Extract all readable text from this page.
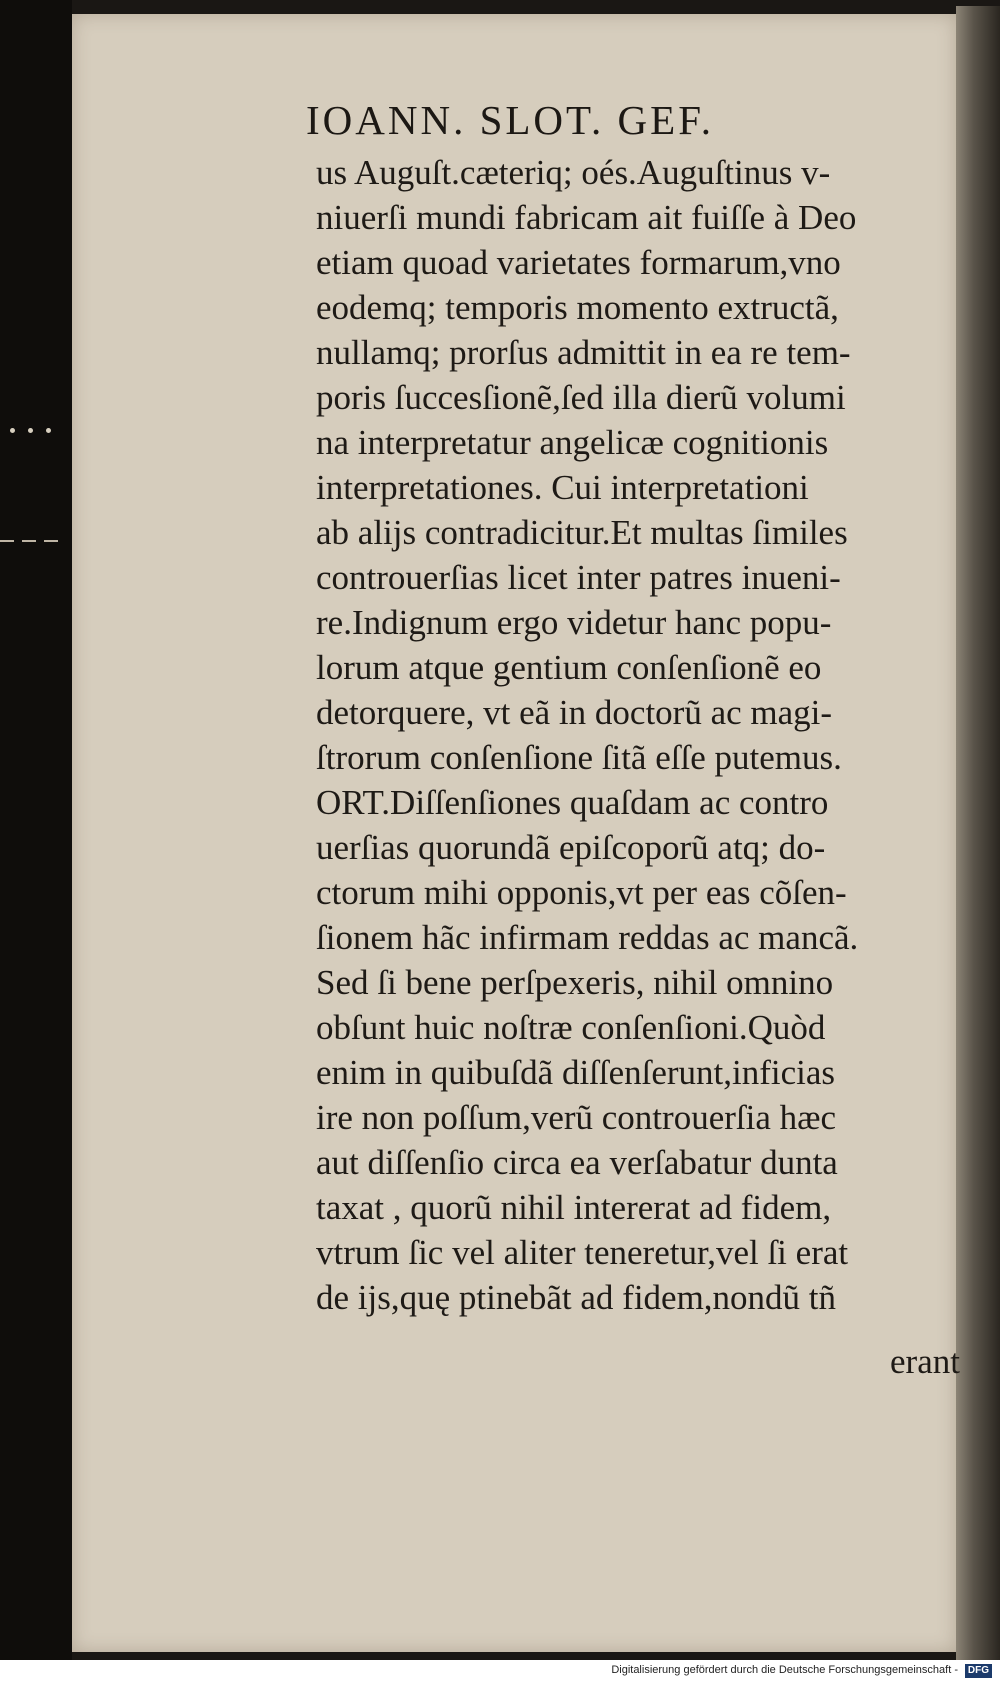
IOANN. SLOT. GEF.
us Auguſt.cæteriq; oés.Auguſtinus v-
niuerſi mundi fabricam ait fuiſſe à Deo
etiam quoad varietates formarum,vno
eodemq; temporis momento extructã,
nullamq; prorſus admittit in ea re tem-
poris ſuccesſionẽ,ſed illa dierũ volumi
na interpretatur angelicæ cognitionis
interpretationes. Cui interpretationi
ab alijs contradicitur.Et multas ſimiles
controuerſias licet inter patres inueni-
re.Indignum ergo videtur hanc popu-
lorum atque gentium conſenſionẽ eo
detorquere, vt eã in doctorũ ac magi-
ſtrorum conſenſione ſitã eſſe putemus.
ORT.Diſſenſiones quaſdam ac contro
uerſias quorundã epiſcoporũ atq; do-
ctorum mihi opponis,vt per eas cõſen-
ſionem hãc infirmam reddas ac mancã.
Sed ſi bene perſpexeris, nihil omnino
obſunt huic noſtræ conſenſioni.Quòd
enim in quibuſdã diſſenſerunt,inficias
ire non poſſum,verũ controuerſia hæc
aut diſſenſio circa ea verſabatur dunta
taxat , quorũ nihil intererat ad fidem,
vtrum ſic vel aliter teneretur,vel ſi erat
de ijs,quę ptinebãt ad fidem,nondũ tñ
erant
Digitalisierung gefördert durch die Deutsche Forschungsgemeinschaft - DFG
